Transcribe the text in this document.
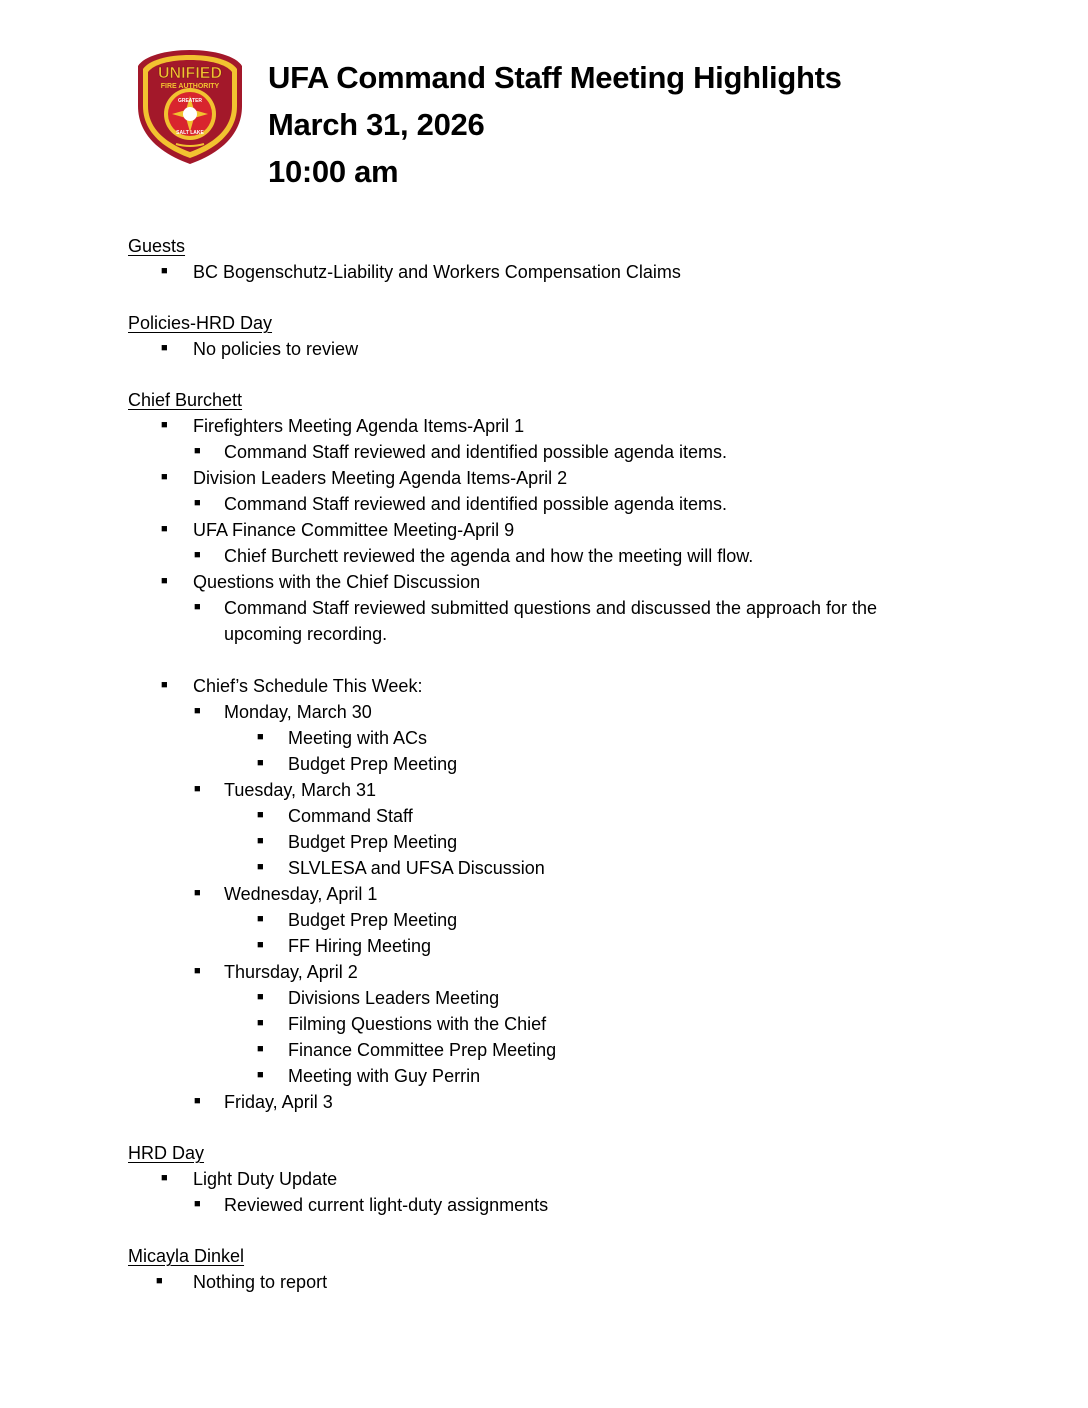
UNIFIED
FIRE AUTHORITY
GREATER
SALT LAKE
UFA Command Staff Meeting Highlights
March 31, 2026
10:00 am
Guests
■ BC Bogenschutz-Liability and Workers Compensation Claims
Policies-HRD Day
■ No policies to review
Chief Burchett
■ Firefighters Meeting Agenda Items-April 1
■ Command Staff reviewed and identified possible agenda items.
■ Division Leaders Meeting Agenda Items-April 2
■ Command Staff reviewed and identified possible agenda items.
■ UFA Finance Committee Meeting-April 9
■ Chief Burchett reviewed the agenda and how the meeting will flow.
■ Questions with the Chief Discussion
■ Command Staff reviewed submitted questions and discussed the approach for the upcoming recording.
■ Chief’s Schedule This Week:
■ Monday, March 30
■ Meeting with ACs
■ Budget Prep Meeting
■ Tuesday, March 31
■ Command Staff
■ Budget Prep Meeting
■ SLVLESA and UFSA Discussion
■ Wednesday, April 1
■ Budget Prep Meeting
■ FF Hiring Meeting
■ Thursday, April 2
■ Divisions Leaders Meeting
■ Filming Questions with the Chief
■ Finance Committee Prep Meeting
■ Meeting with Guy Perrin
■ Friday, April 3
HRD Day
■ Light Duty Update
■ Reviewed current light-duty assignments
Micayla Dinkel
■ Nothing to report
